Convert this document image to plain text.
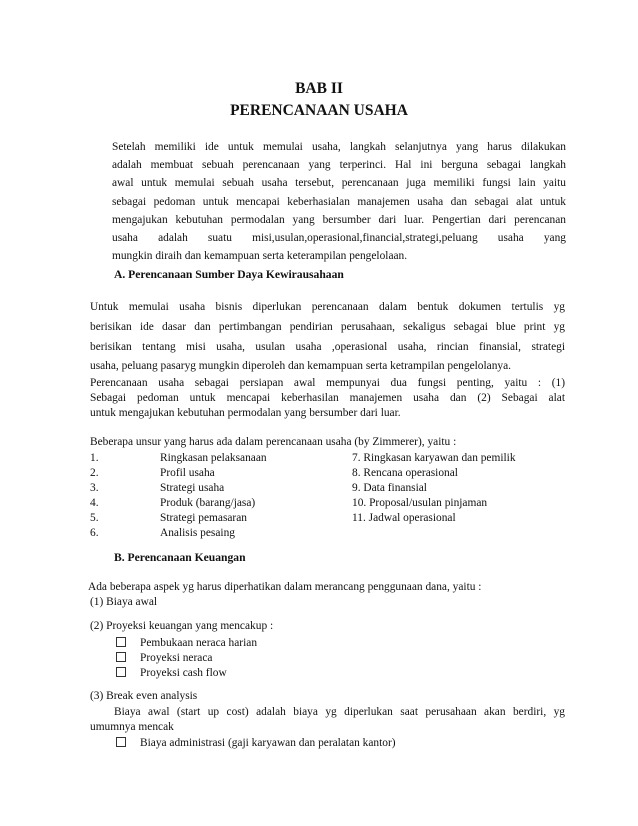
BAB II
PERENCANAAN USAHA
Setelah memiliki ide untuk memulai usaha, langkah selanjutnya yang harus dilakukan
adalah membuat sebuah perencanaan yang terperinci. Hal ini berguna sebagai langkah
awal untuk memulai sebuah usaha tersebut, perencanaan juga memiliki fungsi lain yaitu
sebagai pedoman untuk mencapai keberhasialan manajemen usaha dan sebagai alat untuk
mengajukan kebutuhan permodalan yang bersumber dari luar. Pengertian dari perencanan
usaha adalah suatu misi,usulan,operasional,financial,strategi,peluang usaha yang
mungkin diraih dan kemampuan serta keterampilan pengelolaan.
A. Perencanaan Sumber Daya Kewirausahaan
Untuk memulai usaha bisnis diperlukan perencanaan dalam bentuk dokumen tertulis yg
berisikan ide dasar dan pertimbangan pendirian perusahaan, sekaligus sebagai blue print yg
berisikan tentang misi usaha, usulan usaha ,operasional usaha, rincian finansial, strategi
usaha, peluang pasaryg mungkin diperoleh dan kemampuan serta ketrampilan pengelolanya.
Perencanaan usaha sebagai persiapan awal mempunyai dua fungsi penting, yaitu : (1)
Sebagai pedoman untuk mencapai keberhasilan manajemen usaha dan (2) Sebagai alat
untuk mengajukan kebutuhan permodalan yang bersumber dari luar.
Beberapa unsur yang harus ada dalam perencanaan usaha (by Zimmerer), yaitu :
1.	Ringkasan pelaksanaan	7. Ringkasan karyawan dan pemilik
2.	Profil usaha	8. Rencana operasional
3.	Strategi usaha	9. Data finansial
4.	Produk (barang/jasa)	10. Proposal/usulan pinjaman
5.	Strategi pemasaran	11. Jadwal operasional
6.	Analisis pesaing
B. Perencanaan Keuangan
Ada beberapa aspek yg harus diperhatikan dalam merancang penggunaan dana, yaitu :
(1) Biaya awal
(2) Proyeksi keuangan yang mencakup :
Pembukaan neraca harian
Proyeksi neraca
Proyeksi cash flow
(3) Break even analysis
Biaya awal (start up cost) adalah biaya yg diperlukan saat perusahaan akan berdiri, yg
umumnya mencak
Biaya administrasi (gaji karyawan dan peralatan kantor)
